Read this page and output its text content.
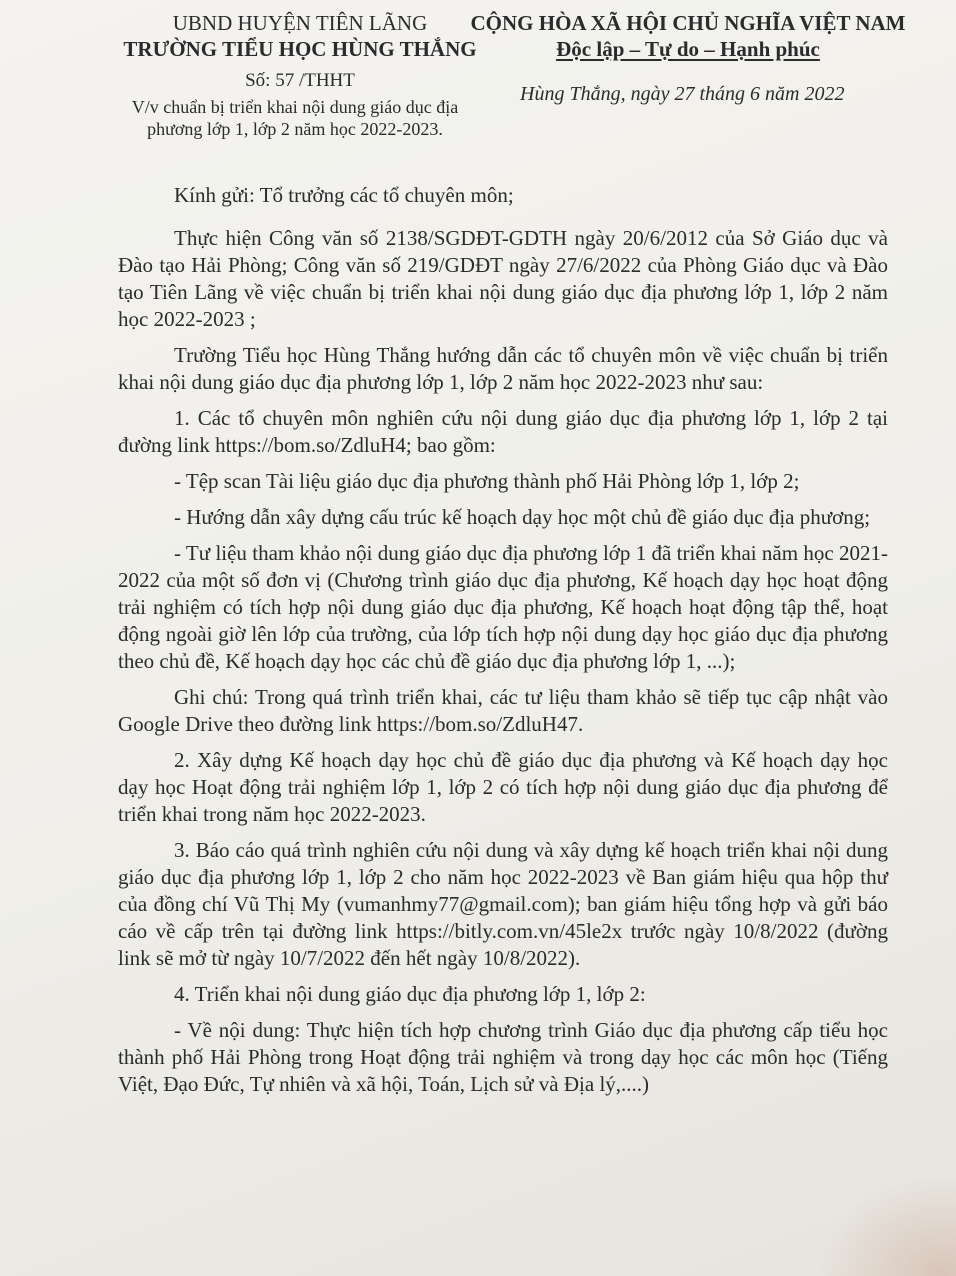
UBND HUYỆN TIÊN LÃNG
TRƯỜNG TIỂU HỌC HÙNG THẮNG
CỘNG HÒA XÃ HỘI CHỦ NGHĨA VIỆT NAM
Độc lập – Tự do – Hạnh phúc
Số: 57 /THHT
V/v chuẩn bị triển khai nội dung giáo dục địa phương lớp 1, lớp 2 năm học 2022-2023.
Hùng Thắng, ngày 27 tháng 6 năm 2022

Kính gửi: Tổ trưởng các tổ chuyên môn;

Thực hiện Công văn số 2138/SGDĐT-GDTH ngày 20/6/2012 của Sở Giáo dục và Đào tạo Hải Phòng; Công văn số 219/GDĐT ngày 27/6/2022 của Phòng Giáo dục và Đào tạo Tiên Lãng về việc chuẩn bị triển khai nội dung giáo dục địa phương lớp 1, lớp 2 năm học 2022-2023 ;

Trường Tiểu học Hùng Thắng hướng dẫn các tổ chuyên môn về việc chuẩn bị triển khai nội dung giáo dục địa phương lớp 1, lớp 2 năm học 2022-2023 như sau:

1. Các tổ chuyên môn nghiên cứu nội dung giáo dục địa phương lớp 1, lớp 2 tại đường link https://bom.so/ZdluH4; bao gồm:

- Tệp scan Tài liệu giáo dục địa phương thành phố Hải Phòng lớp 1, lớp 2;

- Hướng dẫn xây dựng cấu trúc kế hoạch dạy học một chủ đề giáo dục địa phương;

- Tư liệu tham khảo nội dung giáo dục địa phương lớp 1 đã triển khai năm học 2021-2022 của một số đơn vị (Chương trình giáo dục địa phương, Kế hoạch dạy học hoạt động trải nghiệm có tích hợp nội dung giáo dục địa phương, Kế hoạch hoạt động tập thể, hoạt động ngoài giờ lên lớp của trường, của lớp tích hợp nội dung dạy học giáo dục địa phương theo chủ đề, Kế hoạch dạy học các chủ đề giáo dục địa phương lớp 1, ...);

Ghi chú: Trong quá trình triển khai, các tư liệu tham khảo sẽ tiếp tục cập nhật vào Google Drive theo đường link https://bom.so/ZdluH47.

2. Xây dựng Kế hoạch dạy học chủ đề giáo dục địa phương và Kế hoạch dạy học dạy học Hoạt động trải nghiệm lớp 1, lớp 2 có tích hợp nội dung giáo dục địa phương để triển khai trong năm học 2022-2023.

3. Báo cáo quá trình nghiên cứu nội dung và xây dựng kế hoạch triển khai nội dung giáo dục địa phương lớp 1, lớp 2 cho năm học 2022-2023 về Ban giám hiệu qua hộp thư của đồng chí Vũ Thị My (vumanhmy77@gmail.com); ban giám hiệu tổng hợp và gửi báo cáo về cấp trên tại đường link https://bitly.com.vn/45le2x trước ngày 10/8/2022 (đường link sẽ mở từ ngày 10/7/2022 đến hết ngày 10/8/2022).

4. Triển khai nội dung giáo dục địa phương lớp 1, lớp 2:

- Về nội dung: Thực hiện tích hợp chương trình Giáo dục địa phương cấp tiểu học thành phố Hải Phòng trong Hoạt động trải nghiệm và trong dạy học các môn học (Tiếng Việt, Đạo Đức, Tự nhiên và xã hội, Toán, Lịch sử và Địa lý,....)
